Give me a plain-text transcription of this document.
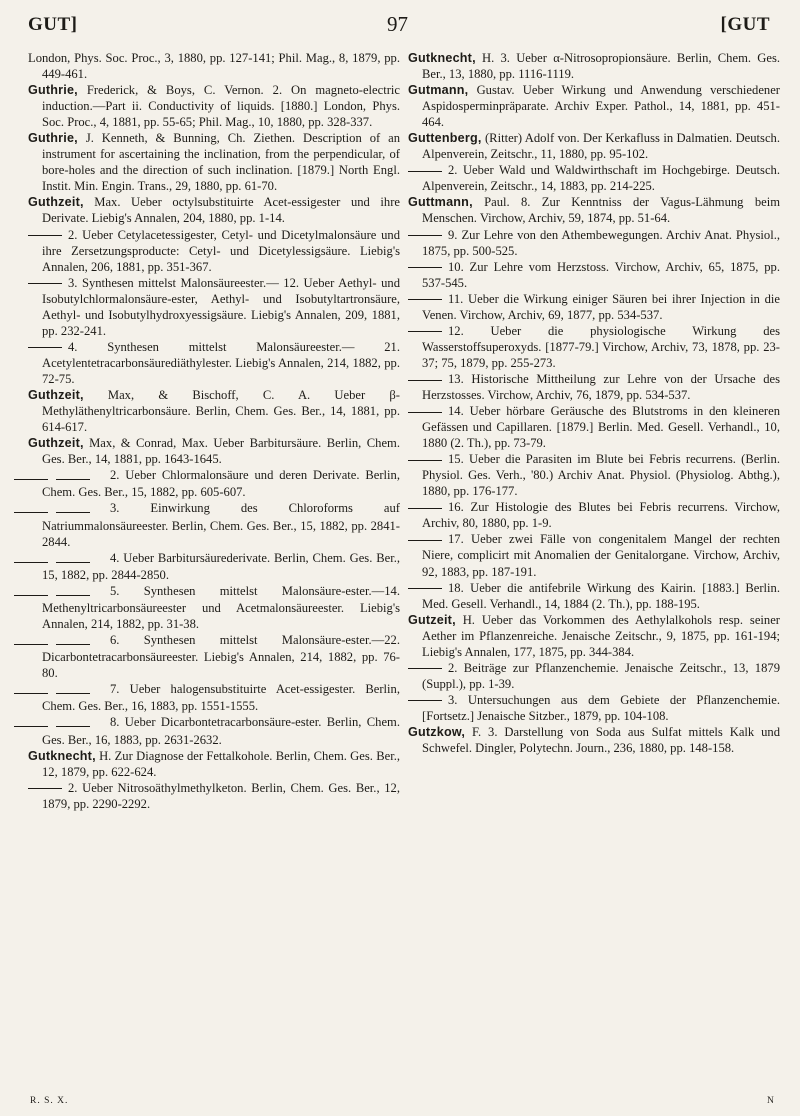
GUT]	97	[GUT

London, Phys. Soc. Proc., 3, 1880, pp. 127-141; Phil. Mag., 8, 1879, pp. 449-461.

Guthrie, Frederick, & Boys, C. Vernon. 2. On magneto-electric induction.—Part ii. Conductivity of liquids. [1880.] London, Phys. Soc. Proc., 4, 1881, pp. 55-65; Phil. Mag., 10, 1880, pp. 328-337.

Guthrie, J. Kenneth, & Bunning, Ch. Ziethen. Description of an instrument for ascertaining the inclination, from the perpendicular, of bore-holes and the direction of such inclination. [1879.] North Engl. Instit. Min. Engin. Trans., 29, 1880, pp. 61-70.

Guthzeit, Max. Ueber octylsubstituirte Acet-essigester und ihre Derivate. Liebig's Annalen, 204, 1880, pp. 1-14.

2. Ueber Cetylacetessigester, Cetyl- und Dicetylmalonsäure und ihre Zersetzungsproducte: Cetyl- und Dicetylessigsäure. Liebig's Annalen, 206, 1881, pp. 351-367.

3. Synthesen mittelst Malonsäureester.— 12. Ueber Aethyl- und Isobutylchlormalonsäure-ester, Aethyl- und Isobutyltartronsäure, Aethyl- und Isobutylhydroxyessigsäure. Liebig's Annalen, 209, 1881, pp. 232-241.

4. Synthesen mittelst Malonsäureester.— 21. Acetylentetracarbonsäurediäthylester. Liebig's Annalen, 214, 1882, pp. 72-75.

Guthzeit, Max, & Bischoff, C. A. Ueber β-Methyläthenyltricarbonsäure. Berlin, Chem. Ges. Ber., 14, 1881, pp. 614-617.

Guthzeit, Max, & Conrad, Max. Ueber Barbitursäure. Berlin, Chem. Ges. Ber., 14, 1881, pp. 1643-1645.

2. Ueber Chlormalonsäure und deren Derivate. Berlin, Chem. Ges. Ber., 15, 1882, pp. 605-607.

3. Einwirkung des Chloroforms auf Natriummalonsäureester. Berlin, Chem. Ges. Ber., 15, 1882, pp. 2841-2844.

4. Ueber Barbitursäurederivate. Berlin, Chem. Ges. Ber., 15, 1882, pp. 2844-2850.

5. Synthesen mittelst Malonsäure-ester.—14. Methenyltricarbonsäureester und Acetmalonsäureester. Liebig's Annalen, 214, 1882, pp. 31-38.

6. Synthesen mittelst Malonsäure-ester.—22. Dicarbontetracarbonsäureester. Liebig's Annalen, 214, 1882, pp. 76-80.

7. Ueber halogensubstituirte Acet-essigester. Berlin, Chem. Ges. Ber., 16, 1883, pp. 1551-1555.

8. Ueber Dicarbontetracarbonsäure-ester. Berlin, Chem. Ges. Ber., 16, 1883, pp. 2631-2632.

Gutknecht, H. Zur Diagnose der Fettalkohole. Berlin, Chem. Ges. Ber., 12, 1879, pp. 622-624.

2. Ueber Nitrosoäthylmethylketon. Berlin, Chem. Ges. Ber., 12, 1879, pp. 2290-2292.

Gutknecht, H. 3. Ueber α-Nitrosopropionsäure. Berlin, Chem. Ges. Ber., 13, 1880, pp. 1116-1119.

Gutmann, Gustav. Ueber Wirkung und Anwendung verschiedener Aspidosperminpräparate. Archiv Exper. Pathol., 14, 1881, pp. 451-464.

Guttenberg, (Ritter) Adolf von. Der Kerkafluss in Dalmatien. Deutsch. Alpenverein, Zeitschr., 11, 1880, pp. 95-102.

2. Ueber Wald und Waldwirthschaft im Hochgebirge. Deutsch. Alpenverein, Zeitschr., 14, 1883, pp. 214-225.

Guttmann, Paul. 8. Zur Kenntniss der Vagus-Lähmung beim Menschen. Virchow, Archiv, 59, 1874, pp. 51-64.

9. Zur Lehre von den Athembewegungen. Archiv Anat. Physiol., 1875, pp. 500-525.

10. Zur Lehre vom Herzstoss. Virchow, Archiv, 65, 1875, pp. 537-545.

11. Ueber die Wirkung einiger Säuren bei ihrer Injection in die Venen. Virchow, Archiv, 69, 1877, pp. 534-537.

12. Ueber die physiologische Wirkung des Wasserstoffsuperoxyds. [1877-79.] Virchow, Archiv, 73, 1878, pp. 23-37; 75, 1879, pp. 255-273.

13. Historische Mittheilung zur Lehre von der Ursache des Herzstosses. Virchow, Archiv, 76, 1879, pp. 534-537.

14. Ueber hörbare Geräusche des Blutstroms in den kleineren Gefässen und Capillaren. [1879.] Berlin. Med. Gesell. Verhandl., 10, 1880 (2. Th.), pp. 73-79.

15. Ueber die Parasiten im Blute bei Febris recurrens. (Berlin. Physiol. Ges. Verh., '80.) Archiv Anat. Physiol. (Physiolog. Abthg.), 1880, pp. 176-177.

16. Zur Histologie des Blutes bei Febris recurrens. Virchow, Archiv, 80, 1880, pp. 1-9.

17. Ueber zwei Fälle von congenitalem Mangel der rechten Niere, complicirt mit Anomalien der Genitalorgane. Virchow, Archiv, 92, 1883, pp. 187-191.

18. Ueber die antifebrile Wirkung des Kairin. [1883.] Berlin. Med. Gesell. Verhandl., 14, 1884 (2. Th.), pp. 188-195.

Gutzeit, H. Ueber das Vorkommen des Aethylalkohols resp. seiner Aether im Pflanzenreiche. Jenaische Zeitschr., 9, 1875, pp. 161-194; Liebig's Annalen, 177, 1875, pp. 344-384.

2. Beiträge zur Pflanzenchemie. Jenaische Zeitschr., 13, 1879 (Suppl.), pp. 1-39.

3. Untersuchungen aus dem Gebiete der Pflanzenchemie. [Fortsetz.] Jenaische Sitzber., 1879, pp. 104-108.

Gutzkow, F. 3. Darstellung von Soda aus Sulfat mittels Kalk und Schwefel. Dingler, Polytechn. Journ., 236, 1880, pp. 148-158.

R. S. X.	N
